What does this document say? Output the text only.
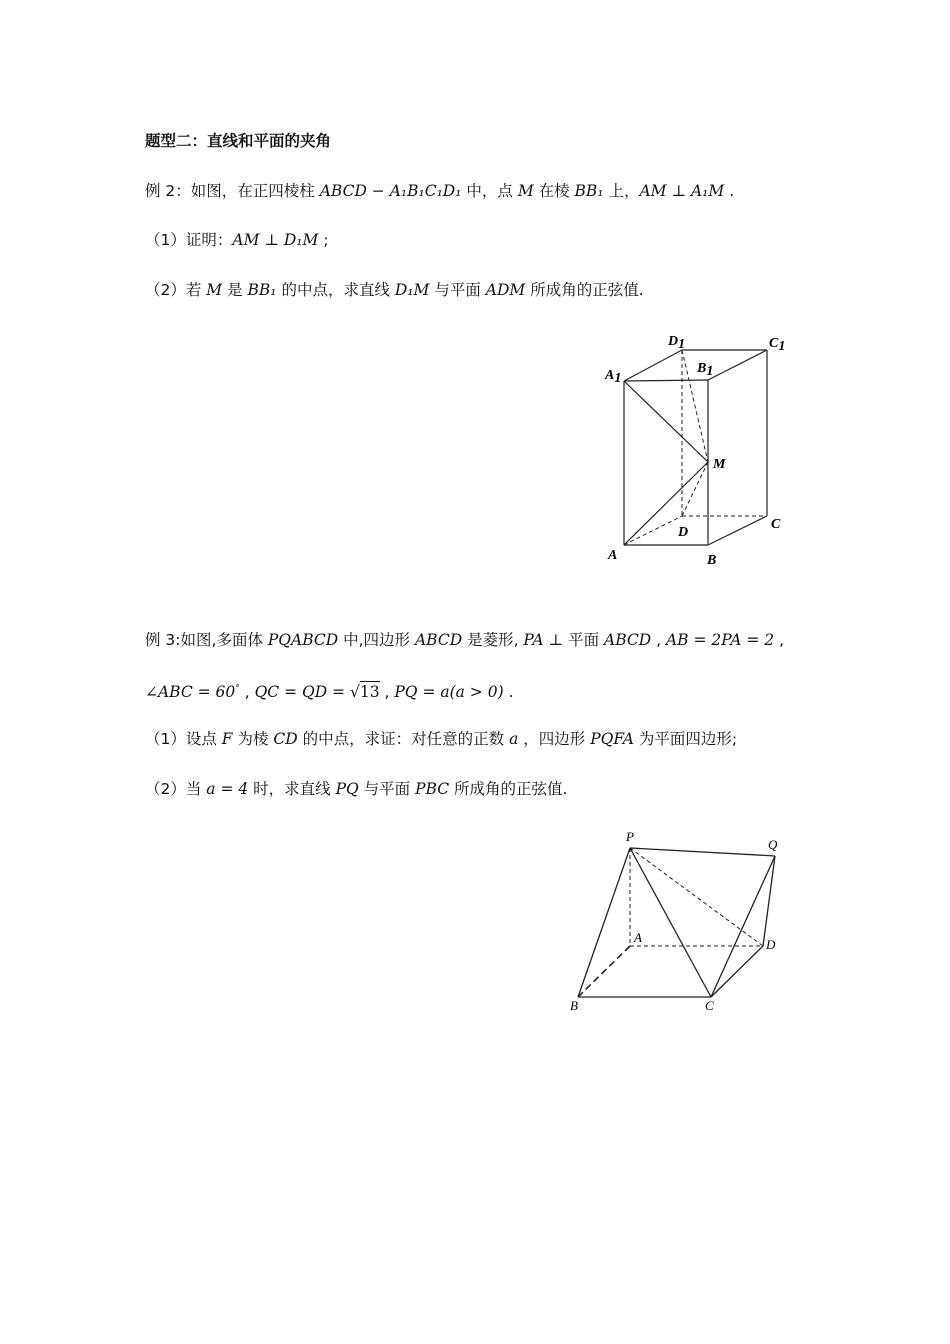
题型二：直线和平面的夹角
例 2：如图，在正四棱柱 ABCD − A₁B₁C₁D₁ 中，点 M 在棱 BB₁ 上，AM ⊥ A₁M .
（1）证明：AM ⊥ D₁M ;
（2）若 M 是 BB₁ 的中点，求直线 D₁M 与平面 ADM 所成角的正弦值.
D1	C1
B1
A1
M
D
C
A	B
例 3:如图,多面体 PQABCD 中,四边形 ABCD 是菱形, PA ⊥ 平面 ABCD , AB = 2PA = 2 ,
∠ABC = 60° , QC = QD = √13 , PQ = a(a > 0) .
（1）设点 F 为棱 CD 的中点，求证：对任意的正数 a ，四边形 PQFA 为平面四边形;
（2）当 a = 4 时，求直线 PQ 与平面 PBC 所成角的正弦值.
P
Q
A	D
B	C
